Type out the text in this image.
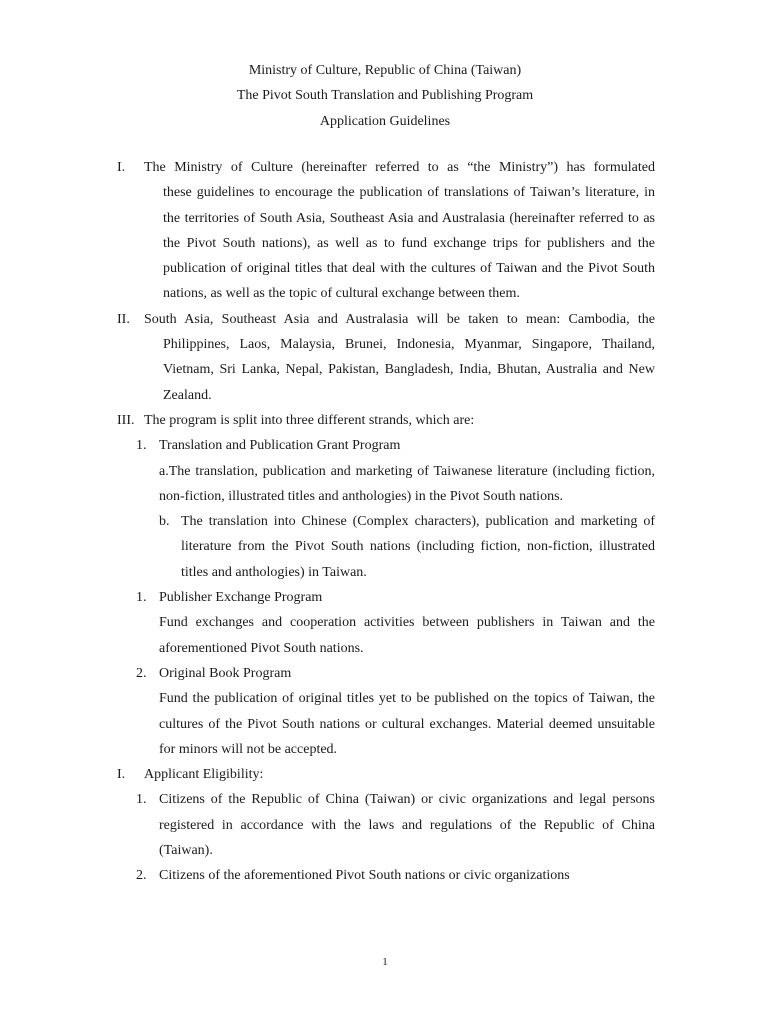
Ministry of Culture, Republic of China (Taiwan)
The Pivot South Translation and Publishing Program
Application Guidelines
I.	The Ministry of Culture (hereinafter referred to as “the Ministry”) has formulated
these guidelines to encourage the publication of translations of Taiwan’s literature, in the territories of South Asia, Southeast Asia and Australasia (hereinafter referred to as the Pivot South nations), as well as to fund exchange trips for publishers and the publication of original titles that deal with the cultures of Taiwan and the Pivot South nations, as well as the topic of cultural exchange between them.
II.	South Asia, Southeast Asia and Australasia will be taken to mean: Cambodia, the
Philippines, Laos, Malaysia, Brunei, Indonesia, Myanmar, Singapore, Thailand, Vietnam, Sri Lanka, Nepal, Pakistan, Bangladesh, India, Bhutan, Australia and New Zealand.
III. The program is split into three different strands, which are:
1. Translation and Publication Grant Program
a.The translation, publication and marketing of Taiwanese literature (including fiction, non-fiction, illustrated titles and anthologies) in the Pivot South nations.
b. The translation into Chinese (Complex characters), publication and marketing of literature from the Pivot South nations (including fiction, non-fiction, illustrated titles and anthologies) in Taiwan.
1. Publisher Exchange Program
Fund exchanges and cooperation activities between publishers in Taiwan and the aforementioned Pivot South nations.
2. Original Book Program
Fund the publication of original titles yet to be published on the topics of Taiwan, the cultures of the Pivot South nations or cultural exchanges. Material deemed unsuitable for minors will not be accepted.
I.	Applicant Eligibility:
1. Citizens of the Republic of China (Taiwan) or civic organizations and legal persons registered in accordance with the laws and regulations of the Republic of China (Taiwan).
2. Citizens of the aforementioned Pivot South nations or civic organizations
1
